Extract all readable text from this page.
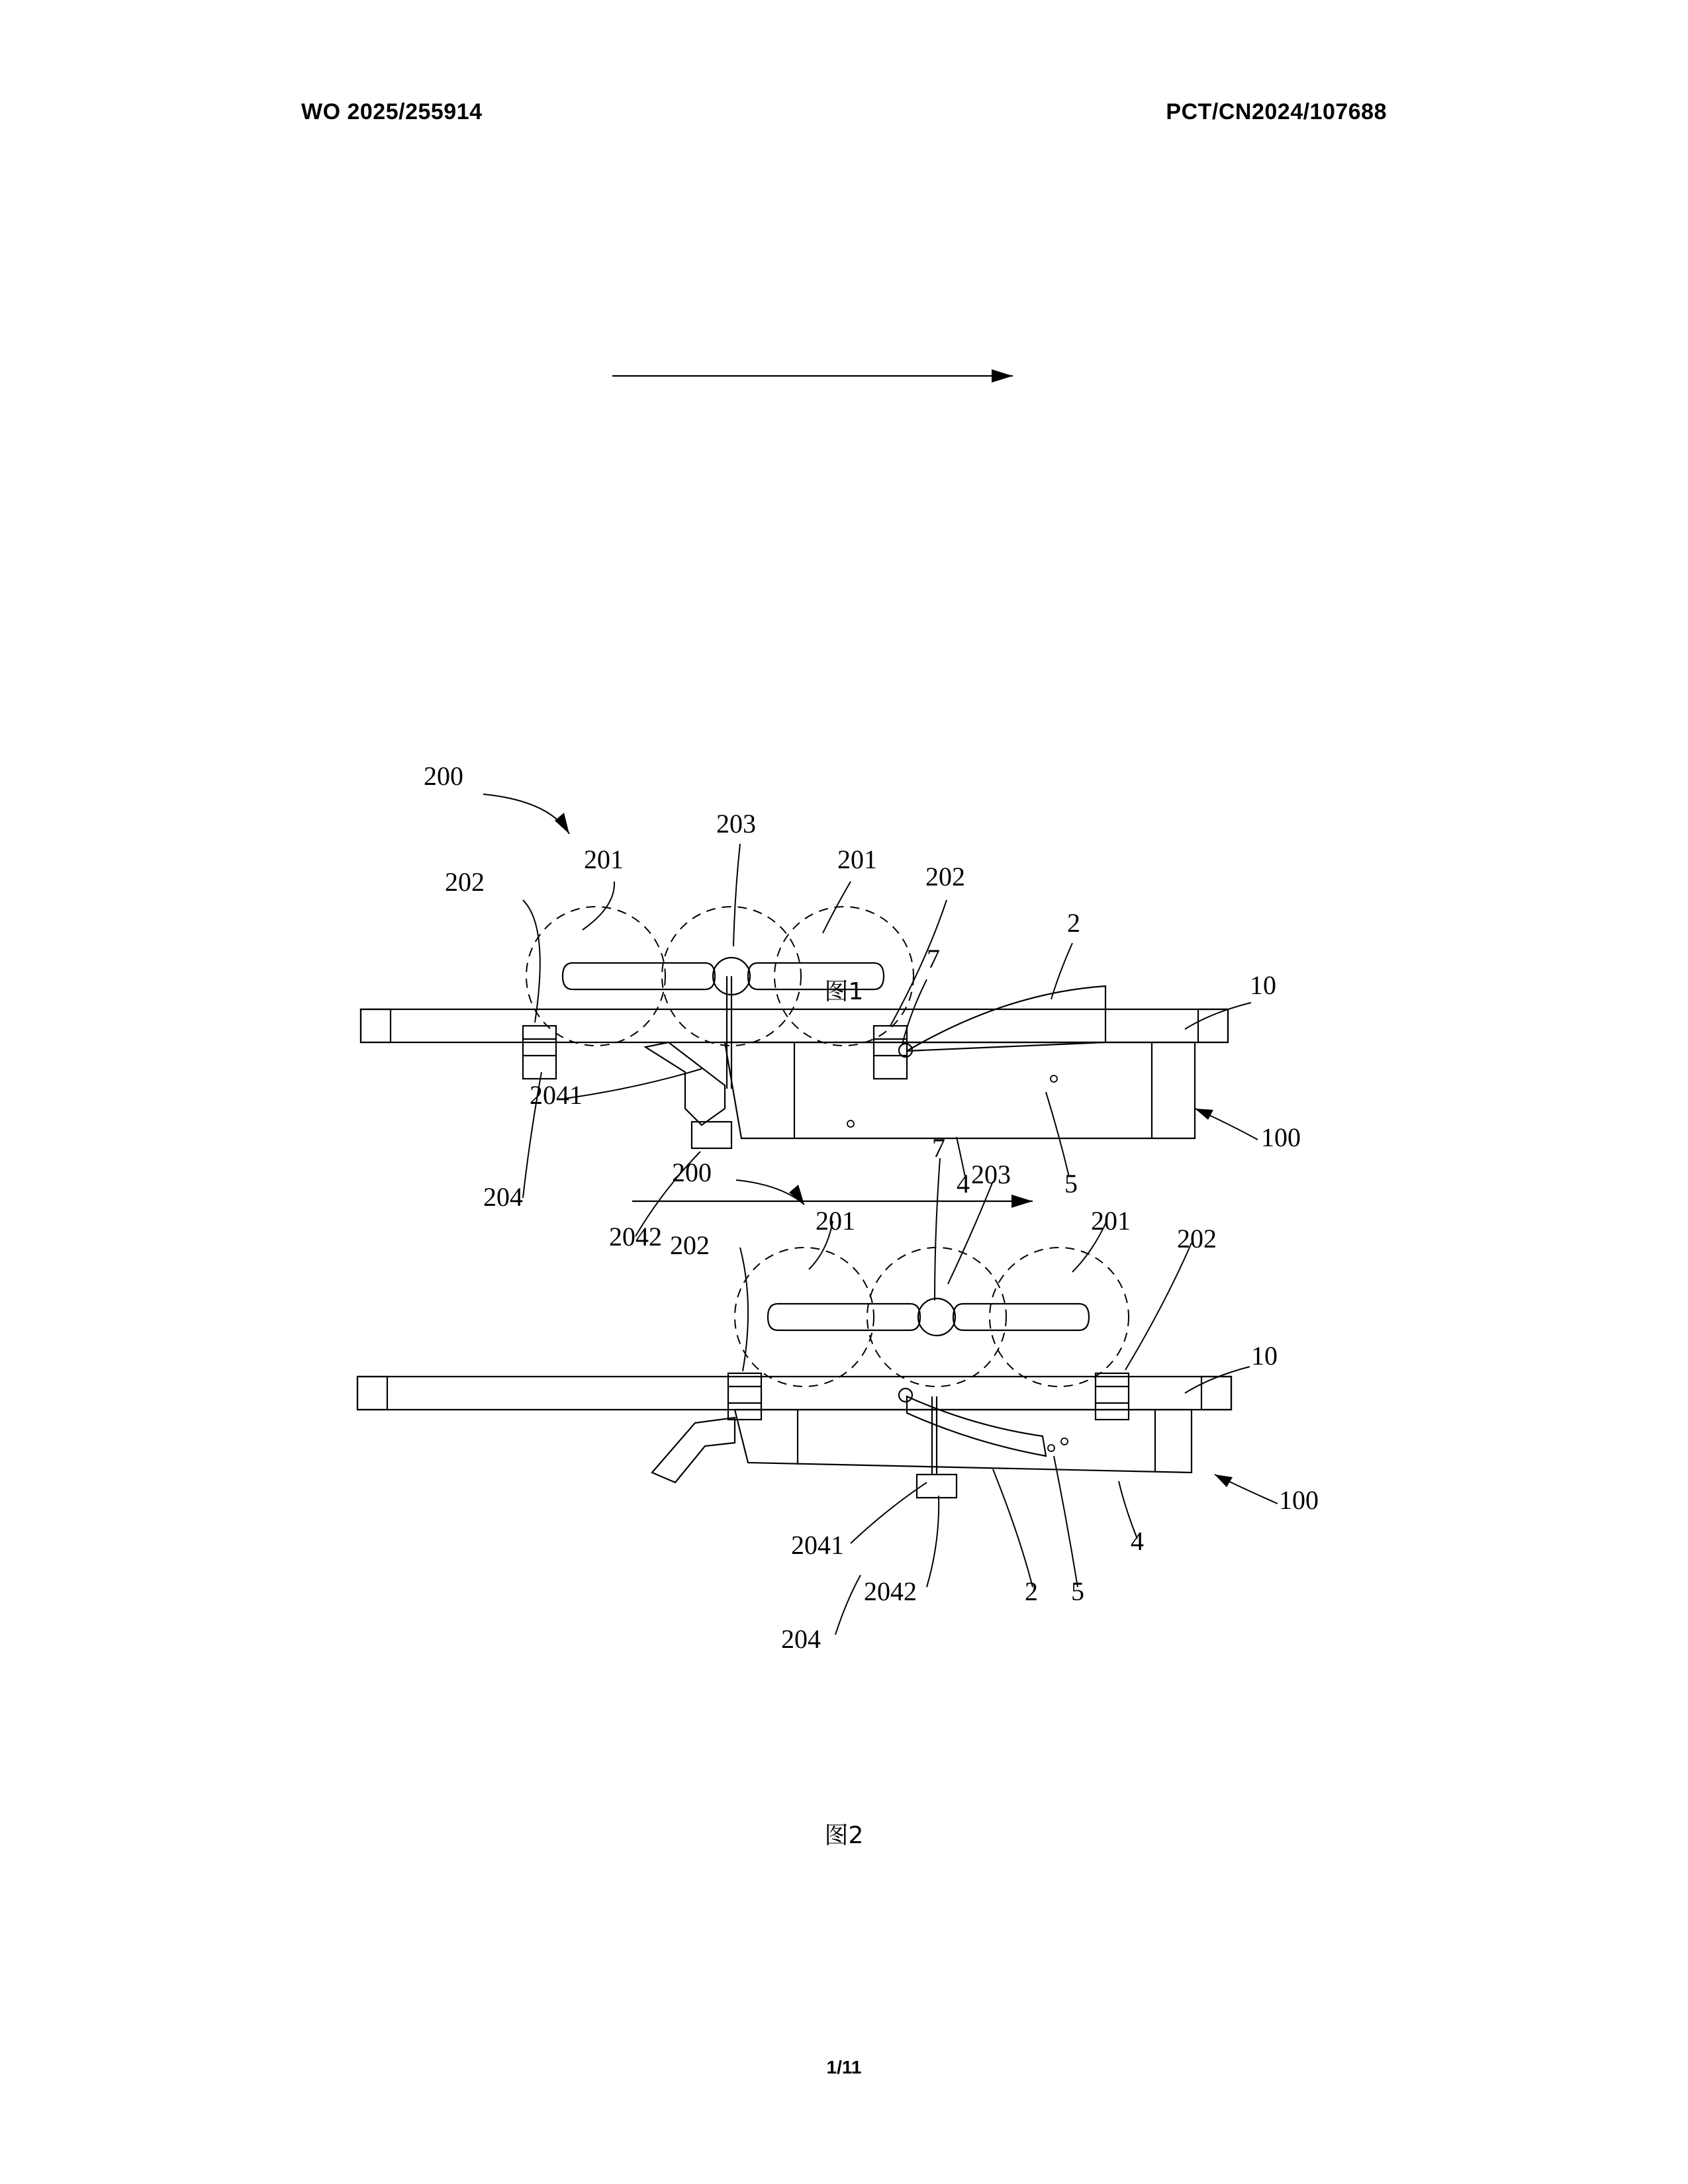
WO 2025/255914	PCT/CN2024/107688
200
202
201
203
201
202
7
2
10
100
2041
2042
204	4	5
图1
200
202
201
7
203
201
202
10
100
2041
2042
204
2 5
4
图2
1/11
